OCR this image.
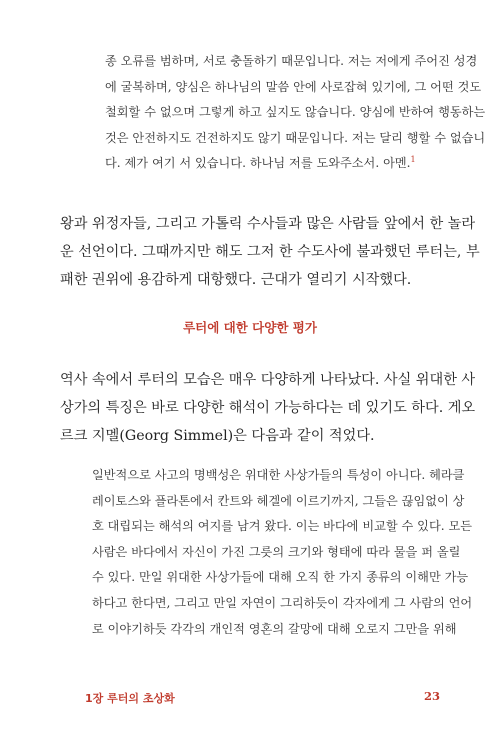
종 오류를 범하며, 서로 충돌하기 때문입니다. 저는 저에게 주어진 성경
에 굴복하며, 양심은 하나님의 말씀 안에 사로잡혀 있기에, 그 어떤 것도
철회할 수 없으며 그렇게 하고 싶지도 않습니다. 양심에 반하여 행동하는
것은 안전하지도 건전하지도 않기 때문입니다. 저는 달리 행할 수 없습니
다. 제가 여기 서 있습니다. 하나님 저를 도와주소서. 아멘.$^1$
왕과 위정자들, 그리고 가톨릭 수사들과 많은 사람들 앞에서 한 놀라
운 선언이다. 그때까지만 해도 그저 한 수도사에 불과했던 루터는, 부
패한 권위에 용감하게 대항했다. 근대가 열리기 시작했다.
루터에 대한 다양한 평가
역사 속에서 루터의 모습은 매우 다양하게 나타났다. 사실 위대한 사
상가의 특징은 바로 다양한 해석이 가능하다는 데 있기도 하다. 게오
르크 지멜(Georg Simmel)은 다음과 같이 적었다.
일반적으로 사고의 명백성은 위대한 사상가들의 특성이 아니다. 헤라클
레이토스와 플라톤에서 칸트와 헤겔에 이르기까지, 그들은 끊임없이 상
호 대립되는 해석의 여지를 남겨 왔다. 이는 바다에 비교할 수 있다. 모든
사람은 바다에서 자신이 가진 그릇의 크기와 형태에 따라 물을 퍼 올릴
수 있다. 만일 위대한 사상가들에 대해 오직 한 가지 종류의 이해만 가능
하다고 한다면, 그리고 만일 자연이 그리하듯이 각자에게 그 사람의 언어
로 이야기하듯 각각의 개인적 영혼의 갈망에 대해 오로지 그만을 위해
1장 루터의 초상화	23
